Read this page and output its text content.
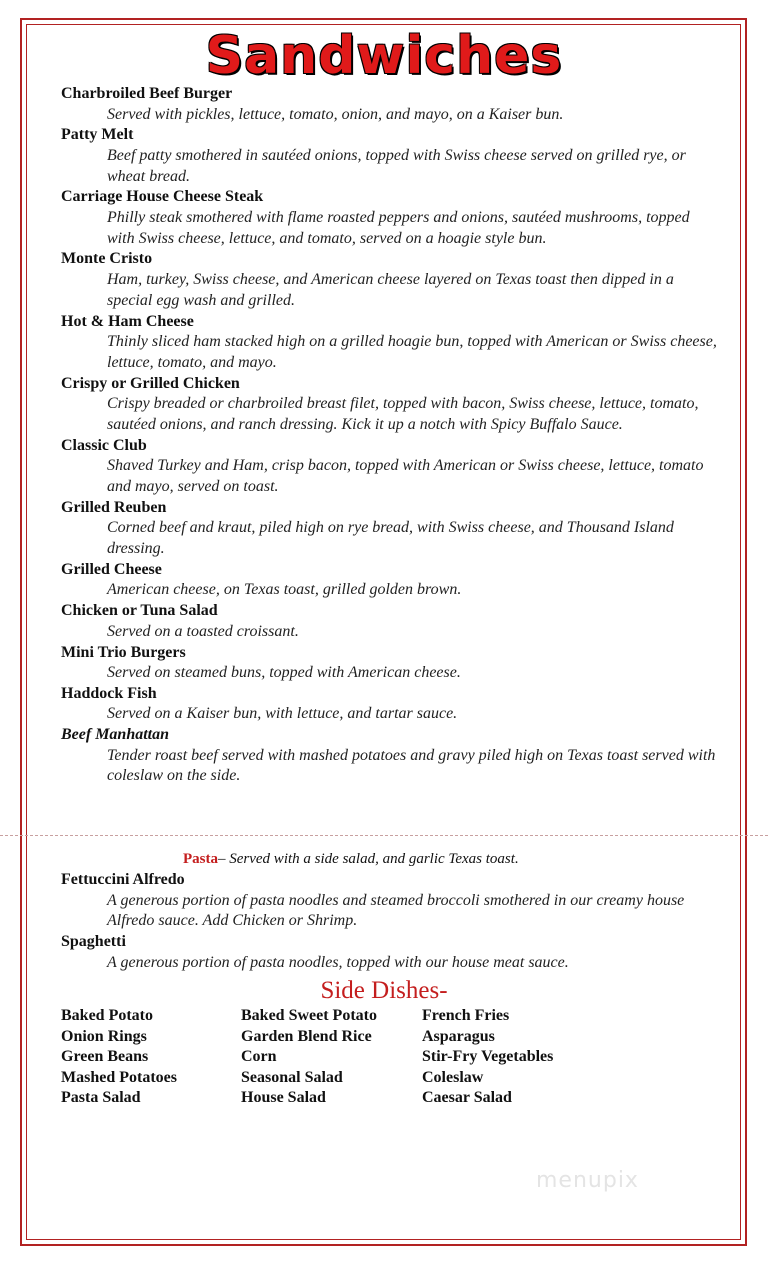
Sandwiches
Charbroiled Beef Burger
Served with pickles, lettuce, tomato, onion, and mayo, on a Kaiser bun.
Patty Melt
Beef patty smothered in sautéed onions, topped with Swiss cheese served on grilled rye, or wheat bread.
Carriage House Cheese Steak
Philly steak smothered with flame roasted peppers and onions, sautéed mushrooms, topped with Swiss cheese, lettuce, and tomato, served on a hoagie style bun.
Monte Cristo
Ham, turkey, Swiss cheese, and American cheese layered on Texas toast then dipped in a special egg wash and grilled.
Hot & Ham Cheese
Thinly sliced ham stacked high on a grilled hoagie bun, topped with American or Swiss cheese, lettuce, tomato, and mayo.
Crispy or Grilled Chicken
Crispy breaded or charbroiled breast filet, topped with bacon, Swiss cheese, lettuce, tomato, sautéed onions, and ranch dressing. Kick it up a notch with Spicy Buffalo Sauce.
Classic Club
Shaved Turkey and Ham, crisp bacon, topped with American or Swiss cheese, lettuce, tomato and mayo, served on toast.
Grilled Reuben
Corned beef and kraut, piled high on rye bread, with Swiss cheese, and Thousand Island dressing.
Grilled Cheese
American cheese, on Texas toast, grilled golden brown.
Chicken or Tuna Salad
Served on a toasted croissant.
Mini Trio Burgers
Served on steamed buns, topped with American cheese.
Haddock Fish
Served on a Kaiser bun, with lettuce, and tartar sauce.
Beef Manhattan
Tender roast beef served with mashed potatoes and gravy piled high on Texas toast served with coleslaw on the side.
Pasta– Served with a side salad, and garlic Texas toast.
Fettuccini Alfredo
A generous portion of pasta noodles and steamed broccoli smothered in our creamy house Alfredo sauce. Add Chicken or Shrimp.
Spaghetti
A generous portion of pasta noodles, topped with our house meat sauce.
Side Dishes-
Baked Potato
Onion Rings
Green Beans
Mashed Potatoes
Pasta Salad
Baked Sweet Potato
Garden Blend Rice
Corn
Seasonal Salad
House Salad
French Fries
Asparagus
Stir-Fry Vegetables
Coleslaw
Caesar Salad
menupix
